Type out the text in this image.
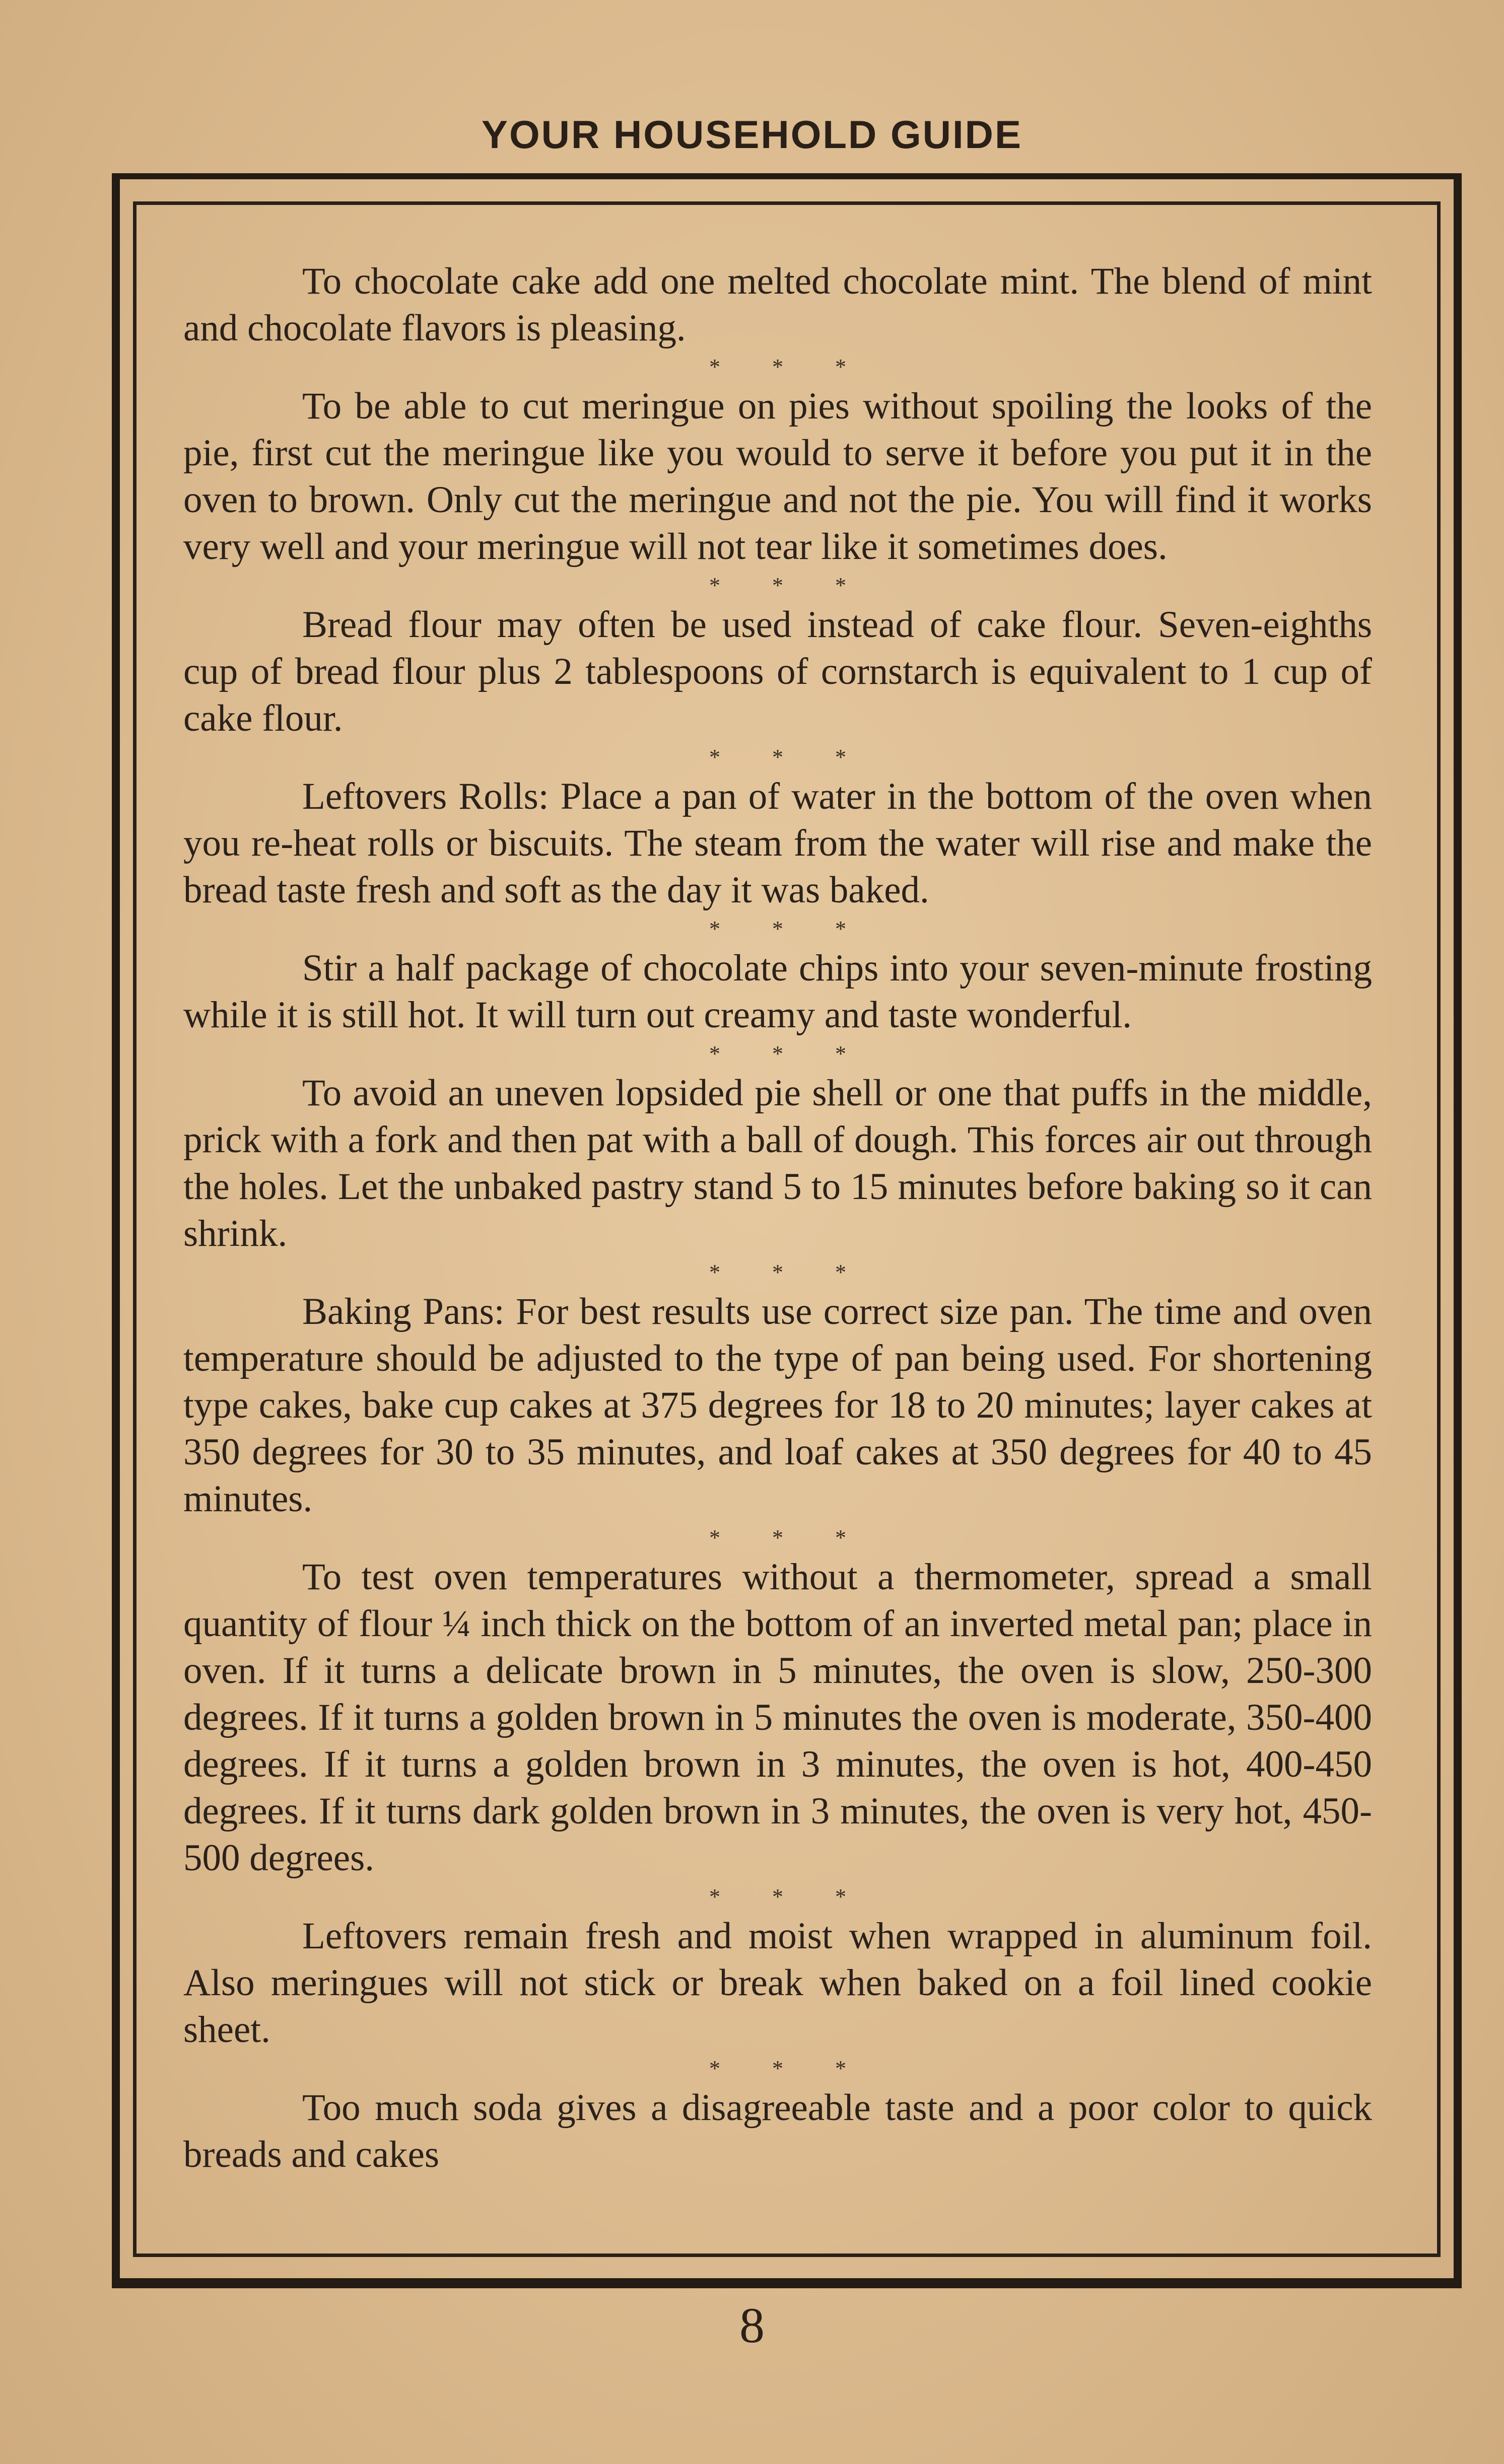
YOUR HOUSEHOLD GUIDE

To chocolate cake add one melted chocolate mint. The blend of mint and chocolate flavors is pleasing.

* * *

To be able to cut meringue on pies without spoiling the looks of the pie, first cut the meringue like you would to serve it before you put it in the oven to brown. Only cut the meringue and not the pie. You will find it works very well and your meringue will not tear like it sometimes does.

* * *

Bread flour may often be used instead of cake flour. Seven-eighths cup of bread flour plus 2 tablespoons of cornstarch is equivalent to 1 cup of cake flour.

* * *

Leftovers Rolls: Place a pan of water in the bottom of the oven when you re-heat rolls or biscuits. The steam from the water will rise and make the bread taste fresh and soft as the day it was baked.

* * *

Stir a half package of chocolate chips into your seven-minute frosting while it is still hot. It will turn out creamy and taste wonderful.

* * *

To avoid an uneven lopsided pie shell or one that puffs in the middle, prick with a fork and then pat with a ball of dough. This forces air out through the holes. Let the unbaked pastry stand 5 to 15 minutes before baking so it can shrink.

* * *

Baking Pans: For best results use correct size pan. The time and oven temperature should be adjusted to the type of pan being used. For shortening type cakes, bake cup cakes at 375 degrees for 18 to 20 minutes; layer cakes at 350 degrees for 30 to 35 minutes, and loaf cakes at 350 degrees for 40 to 45 minutes.

* * *

To test oven temperatures without a thermometer, spread a small quantity of flour ¼ inch thick on the bottom of an inverted metal pan; place in oven. If it turns a delicate brown in 5 minutes, the oven is slow, 250-300 degrees. If it turns a golden brown in 5 minutes the oven is moderate, 350-400 degrees. If it turns a golden brown in 3 minutes, the oven is hot, 400-450 degrees. If it turns dark golden brown in 3 minutes, the oven is very hot, 450-500 degrees.

* * *

Leftovers remain fresh and moist when wrapped in aluminum foil. Also meringues will not stick or break when baked on a foil lined cookie sheet.

* * *

Too much soda gives a disagreeable taste and a poor color to quick breads and cakes

8
